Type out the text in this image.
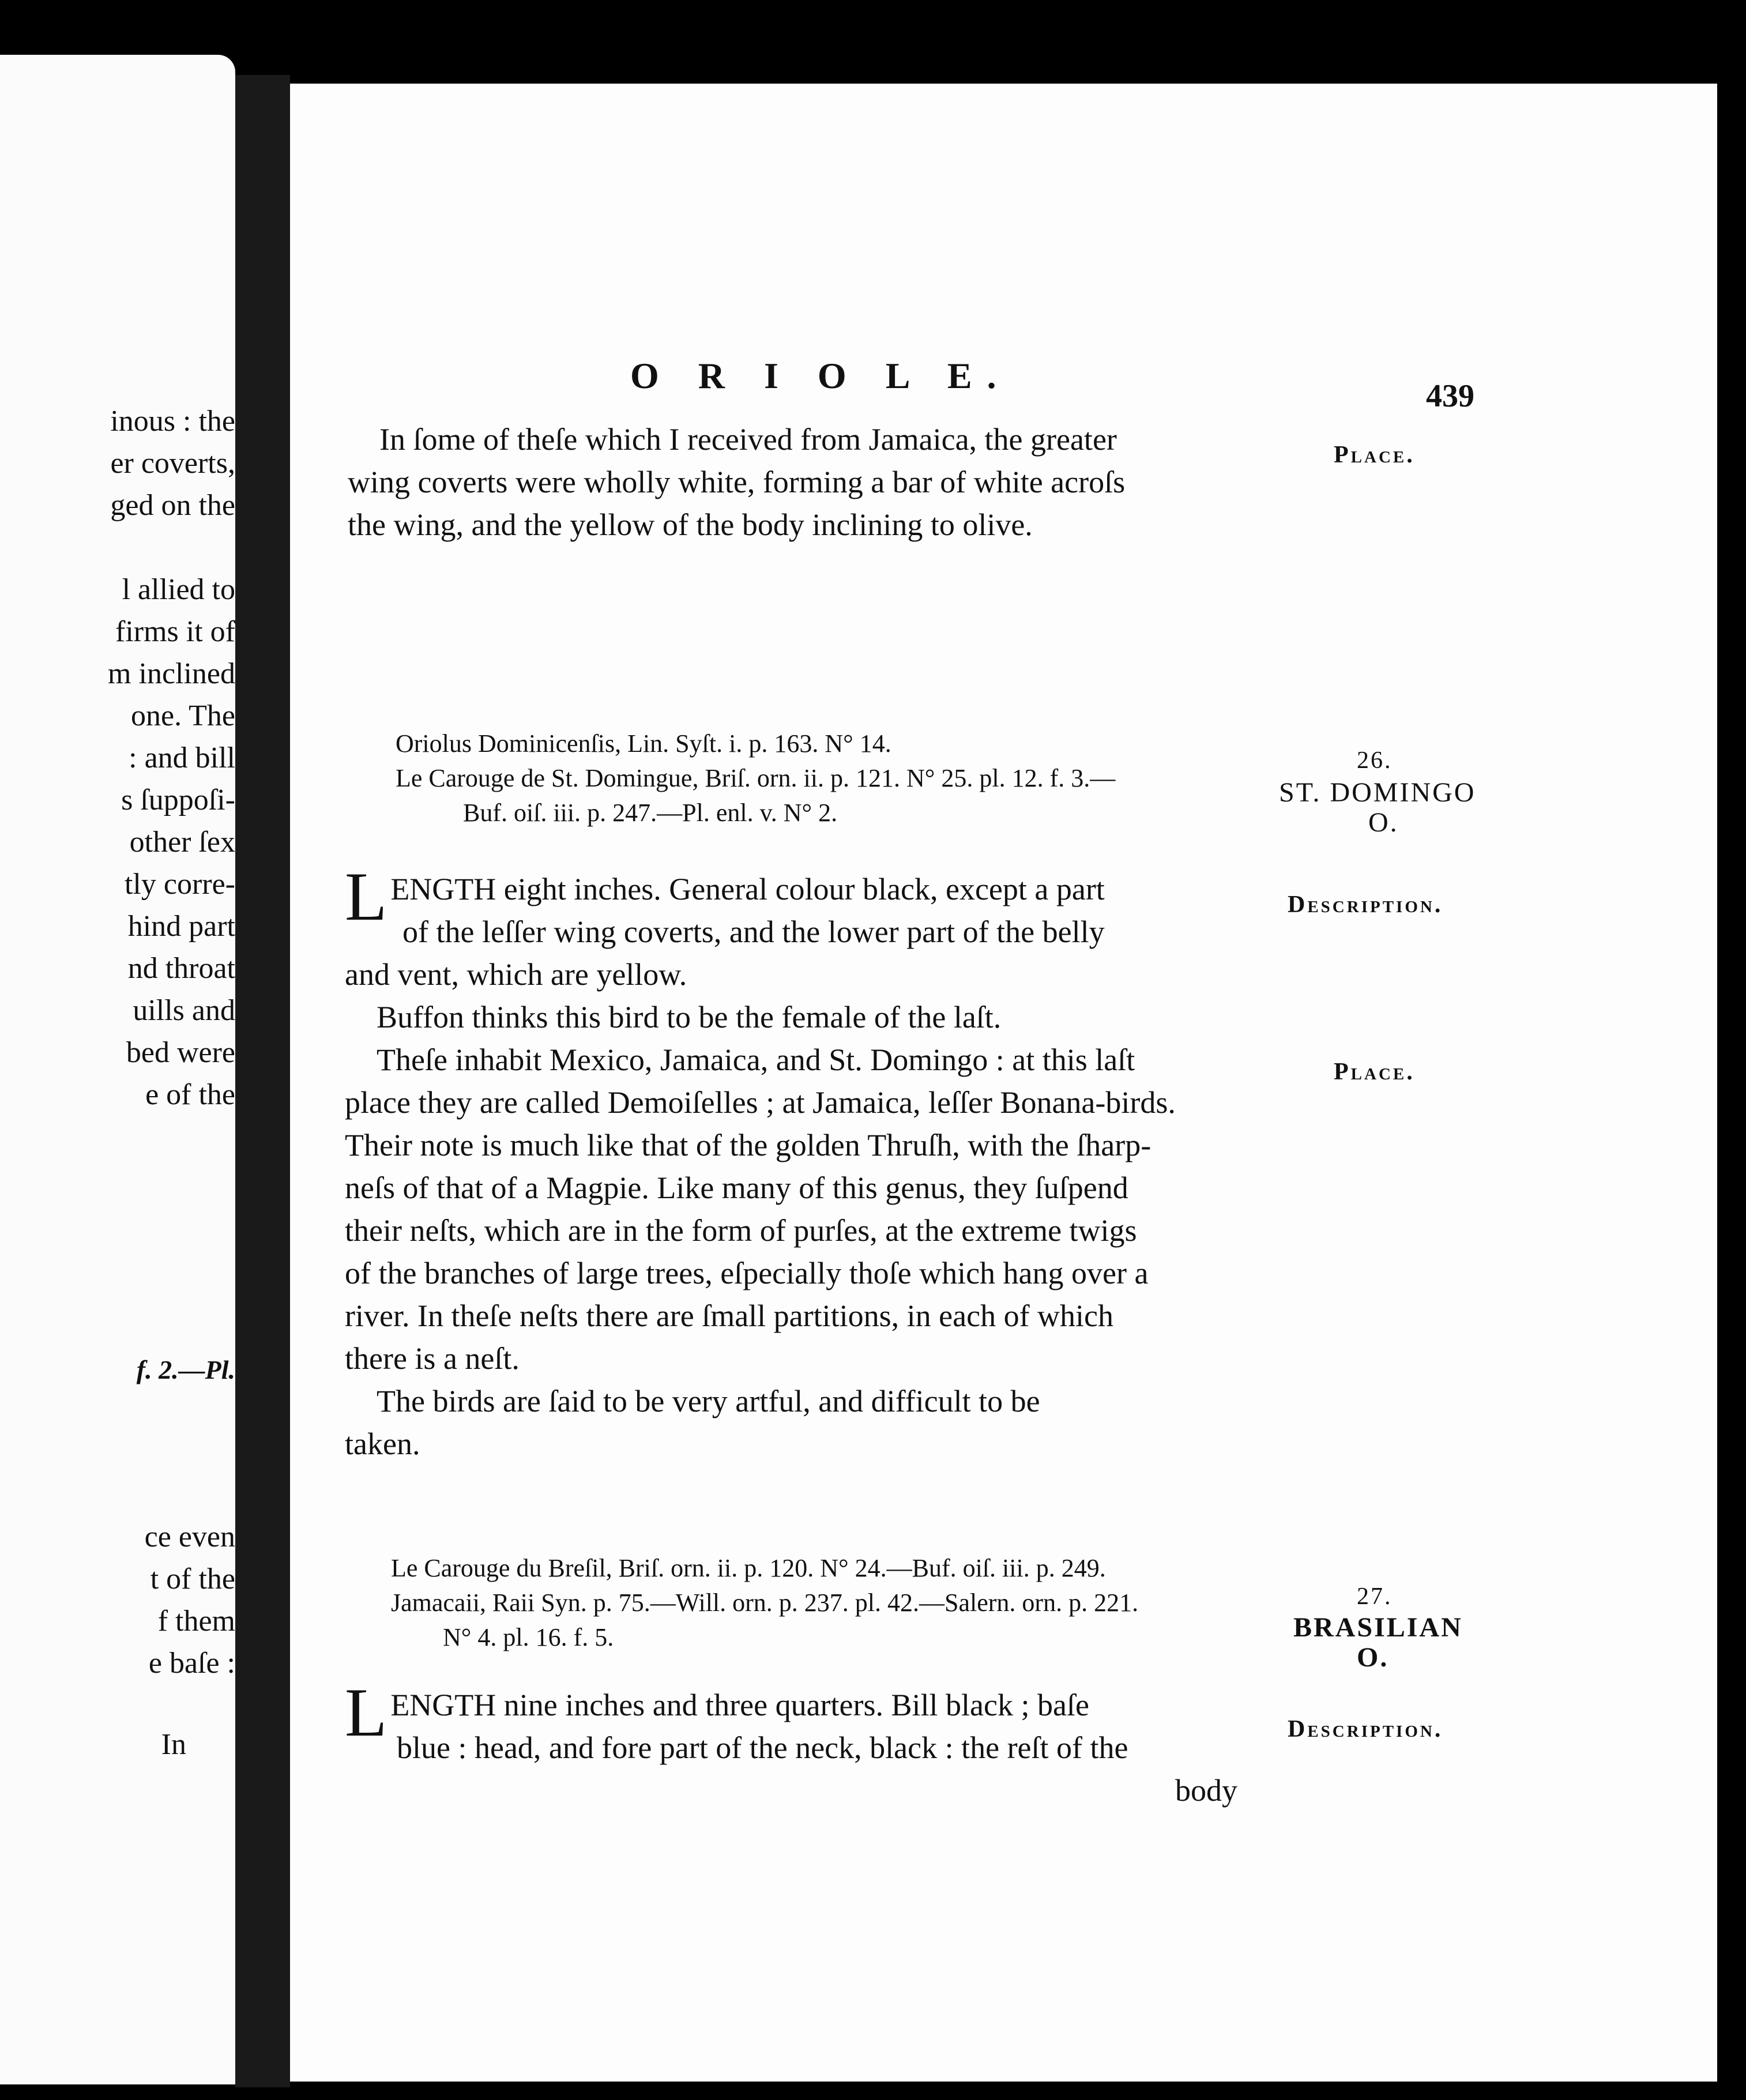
inous : the
er coverts,
ged on the
l allied to
firms it of
m inclined
one. The
: and bill
s ſuppoſi-
other ſex
tly corre-
hind part
nd throat
uills and
bed were
e of the
f. 2.—Pl.
ce even
t of the
f them
e baſe :
In
O R I O L E.	439
In ſome of theſe which I received from Jamaica, the greater
wing coverts were wholly white, forming a bar of white acroſs
the wing, and the yellow of the body inclining to olive.
Place.
Oriolus Dominicenſis, Lin. Syſt. i. p. 163. N° 14.
Le Carouge de St. Domingue, Briſ. orn. ii. p. 121. N° 25. pl. 12. f. 3.—
Buf. oiſ. iii. p. 247.—Pl. enl. v. N° 2.
26.
ST. DOMINGO
O.
L ENGTH eight inches. General colour black, except a part
of the leſſer wing coverts, and the lower part of the belly
and vent, which are yellow.
Description.
Buffon thinks this bird to be the female of the laſt.
Theſe inhabit Mexico, Jamaica, and St. Domingo : at this laſt
place they are called Demoiſelles ; at Jamaica, leſſer Bonana-birds.
Their note is much like that of the golden Thruſh, with the ſharp-
neſs of that of a Magpie. Like many of this genus, they ſuſpend
their neſts, which are in the form of purſes, at the extreme twigs
of the branches of large trees, eſpecially thoſe which hang over a
river. In theſe neſts there are ſmall partitions, in each of which
there is a neſt.
Place.
The birds are ſaid to be very artful, and difficult to be
taken.
Le Carouge du Breſil, Briſ. orn. ii. p. 120. N° 24.—Buf. oiſ. iii. p. 249.
Jamacaii, Raii Syn. p. 75.—Will. orn. p. 237. pl. 42.—Salern. orn. p. 221.
N° 4. pl. 16. f. 5.
27.
BRASILIAN
O.
L ENGTH nine inches and three quarters. Bill black ; baſe
blue : head, and fore part of the neck, black : the reſt of the
Description.
body
